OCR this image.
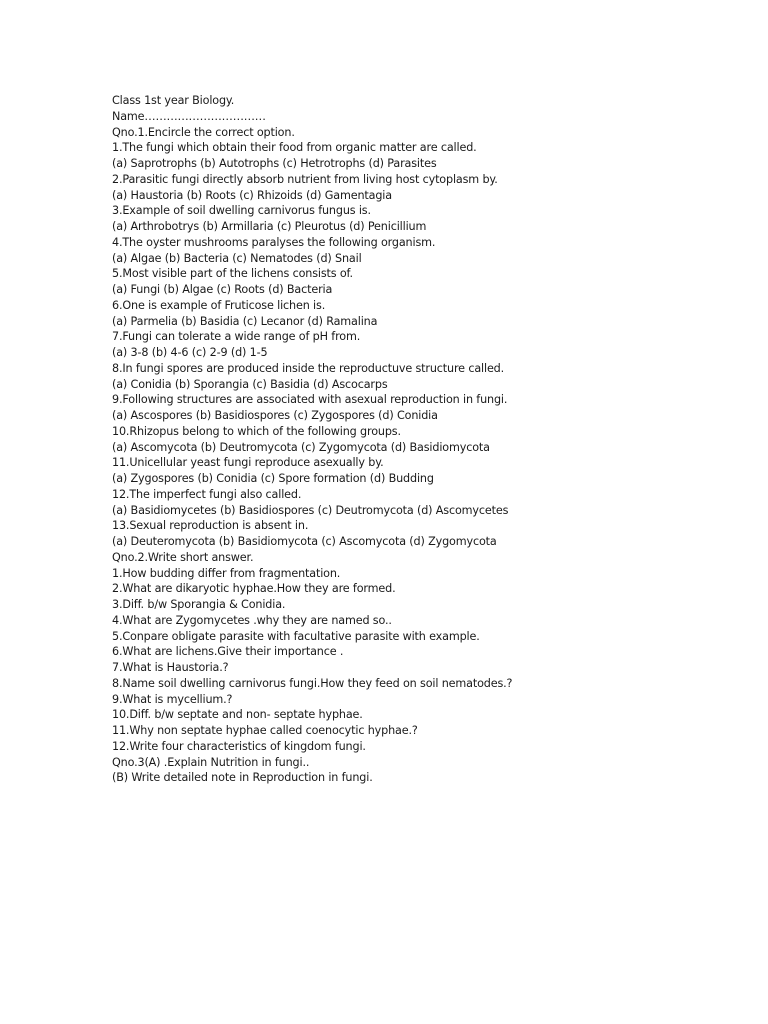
Class 1st year Biology.
Name……………………………
Qno.1.Encircle the correct option.
1.The fungi which obtain their food from organic matter are called.
(a) Saprotrophs (b) Autotrophs (c) Hetrotrophs (d) Parasites
2.Parasitic fungi directly absorb nutrient from living host cytoplasm by.
(a) Haustoria (b) Roots (c) Rhizoids (d) Gamentagia
3.Example of soil dwelling carnivorus fungus is.
(a) Arthrobotrys (b) Armillaria (c) Pleurotus (d) Penicillium
4.The oyster mushrooms paralyses the following organism.
(a) Algae (b) Bacteria (c) Nematodes (d) Snail
5.Most visible part of the lichens consists of.
(a) Fungi (b) Algae (c) Roots (d) Bacteria
6.One is example of Fruticose lichen is.
(a) Parmelia (b) Basidia (c) Lecanor (d) Ramalina
7.Fungi can tolerate a wide range of pH from.
(a) 3-8 (b) 4-6 (c) 2-9 (d) 1-5
8.In fungi spores are produced inside the reproductuve structure called.
(a) Conidia (b) Sporangia (c) Basidia (d) Ascocarps
9.Following structures are associated with asexual reproduction in fungi.
(a) Ascospores (b) Basidiospores (c) Zygospores (d) Conidia
10.Rhizopus belong to which of the following groups.
(a) Ascomycota (b) Deutromycota (c) Zygomycota (d) Basidiomycota
11.Unicellular yeast fungi reproduce asexually by.
(a) Zygospores (b) Conidia (c) Spore formation (d) Budding
12.The imperfect fungi also called.
(a) Basidiomycetes (b) Basidiospores (c) Deutromycota (d) Ascomycetes
13.Sexual reproduction is absent in.
(a) Deuteromycota (b) Basidiomycota (c) Ascomycota (d) Zygomycota
Qno.2.Write short answer.
1.How budding differ from fragmentation.
2.What are dikaryotic hyphae.How they are formed.
3.Diff. b/w Sporangia & Conidia.
4.What are Zygomycetes .why they are named so..
5.Conpare obligate parasite with facultative parasite with example.
6.What are lichens.Give their importance .
7.What is Haustoria.?
8.Name soil dwelling carnivorus fungi.How they feed on soil nematodes.?
9.What is mycellium.?
10.Diff. b/w septate and non- septate hyphae.
11.Why non septate hyphae called coenocytic hyphae.?
12.Write four characteristics of kingdom fungi.
Qno.3(A) .Explain Nutrition in fungi..
(B) Write detailed note in Reproduction in fungi.
